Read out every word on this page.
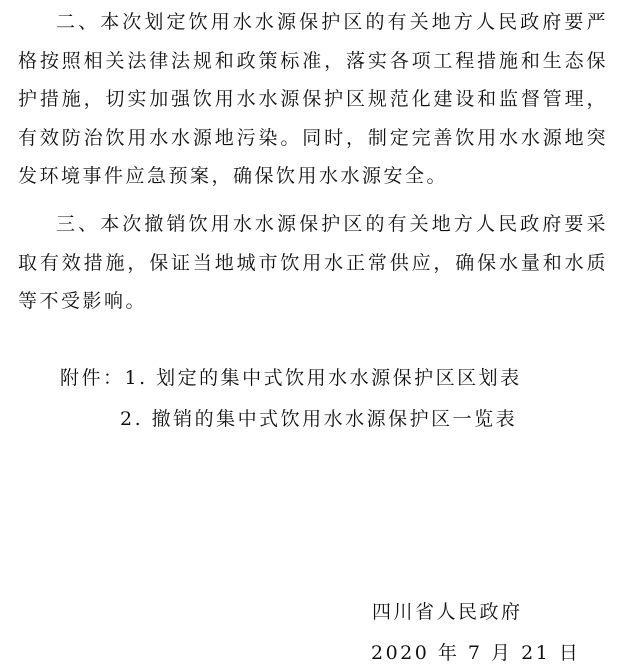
二、本次划定饮用水水源保护区的有关地方人民政府要严格按照相关法律法规和政策标准，落实各项工程措施和生态保护措施，切实加强饮用水水源保护区规范化建设和监督管理，有效防治饮用水水源地污染。同时，制定完善饮用水水源地突发环境事件应急预案，确保饮用水水源安全。

三、本次撤销饮用水水源保护区的有关地方人民政府要采取有效措施，保证当地城市饮用水正常供应，确保水量和水质等不受影响。

附件：1. 划定的集中式饮用水水源保护区区划表
2. 撤销的集中式饮用水水源保护区一览表
四川省人民政府
2020 年 7 月 21 日
